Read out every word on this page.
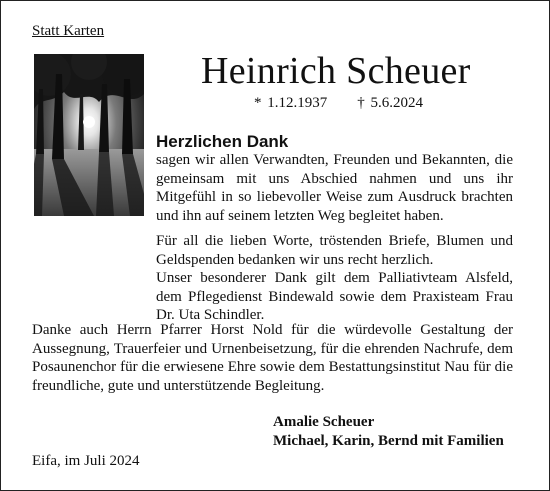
Statt Karten
Heinrich Scheuer
* 1.12.1937 † 5.6.2024
Herzlichen Dank
sagen wir allen Verwandten, Freunden und Bekannten, die gemeinsam mit uns Abschied nahmen und uns ihr Mitgefühl in so liebevoller Weise zum Ausdruck brachten und ihn auf seinem letzten Weg begleitet haben.
Für all die lieben Worte, tröstenden Briefe, Blumen und Geldspenden bedanken wir uns recht herzlich.
Unser besonderer Dank gilt dem Palliativteam Alsfeld, dem Pflegedienst Bindewald sowie dem Praxisteam Frau Dr. Uta Schindler.
Danke auch Herrn Pfarrer Horst Nold für die würdevolle Gestaltung der Aussegnung, Trauerfeier und Urnenbeisetzung, für die ehrenden Nachrufe, dem Posaunenchor für die erwiesene Ehre sowie dem Bestattungsinstitut Nau für die freundliche, gute und unterstützende Begleitung.
Amalie Scheuer
Michael, Karin, Bernd mit Familien
Eifa, im Juli 2024
